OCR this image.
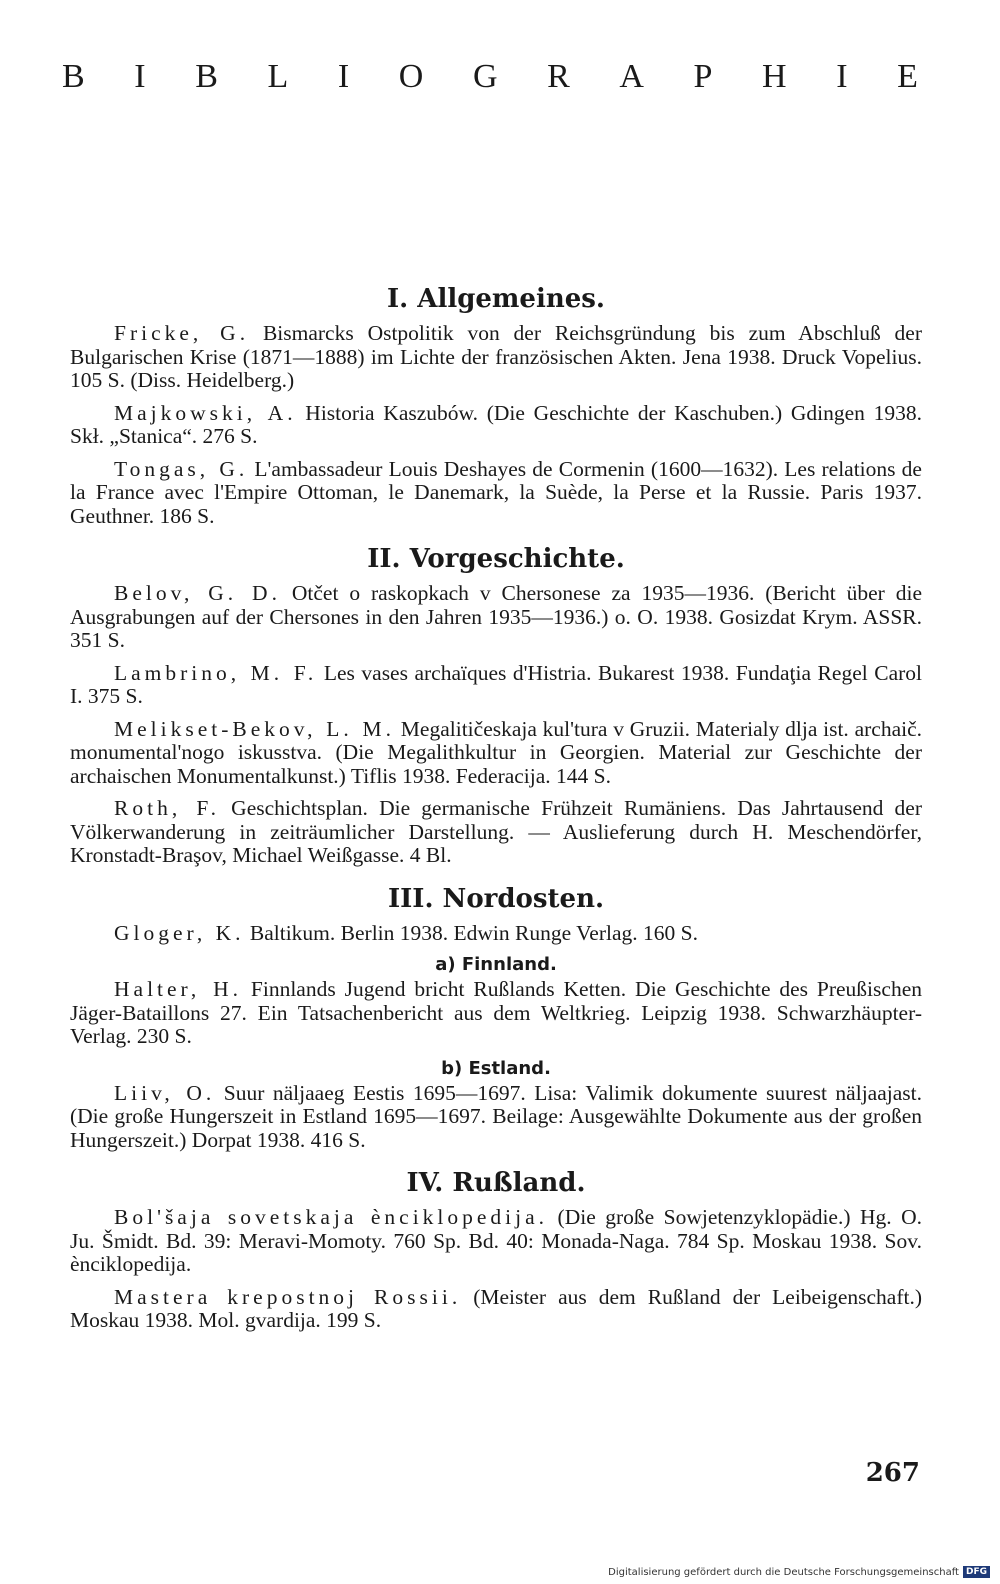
B I B L I O G R A P H I E
I. Allgemeines.

Fricke, G. Bismarcks Ostpolitik von der Reichsgründung bis zum Abschluß der Bulgarischen Krise (1871—1888) im Lichte der französischen Akten. Jena 1938. Druck Vopelius. 105 S. (Diss. Heidelberg.)

Majkowski, A. Historia Kaszubów. (Die Geschichte der Kaschuben.) Gdingen 1938. Skł. „Stanica“. 276 S.

Tongas, G. L'ambassadeur Louis Deshayes de Cormenin (1600—1632). Les relations de la France avec l'Empire Ottoman, le Danemark, la Suède, la Perse et la Russie. Paris 1937. Geuthner. 186 S.

II. Vorgeschichte.

Belov, G. D. Otčet o raskopkach v Chersonese za 1935—1936. (Bericht über die Ausgrabungen auf der Chersones in den Jahren 1935—1936.) o. O. 1938. Gosizdat Krym. ASSR. 351 S.

Lambrino, M. F. Les vases archaïques d'Histria. Bukarest 1938. Fundaţia Regel Carol I. 375 S.

Melikset-Bekov, L. M. Megalitičeskaja kul'tura v Gruzii. Materialy dlja ist. archaič. monumental'nogo iskusstva. (Die Megalithkultur in Georgien. Material zur Geschichte der archaischen Monumentalkunst.) Tiflis 1938. Federacija. 144 S.

Roth, F. Geschichtsplan. Die germanische Frühzeit Rumäniens. Das Jahrtausend der Völkerwanderung in zeiträumlicher Darstellung. — Auslieferung durch H. Meschendörfer, Kronstadt-Braşov, Michael Weißgasse. 4 Bl.

III. Nordosten.

Gloger, K. Baltikum. Berlin 1938. Edwin Runge Verlag. 160 S.

a) Finnland.

Halter, H. Finnlands Jugend bricht Rußlands Ketten. Die Geschichte des Preußischen Jäger-Bataillons 27. Ein Tatsachenbericht aus dem Weltkrieg. Leipzig 1938. Schwarzhäupter-Verlag. 230 S.

b) Estland.

Liiv, O. Suur näljaaeg Eestis 1695—1697. Lisa: Valimik dokumente suurest näljaajast. (Die große Hungerszeit in Estland 1695—1697. Beilage: Ausgewählte Dokumente aus der großen Hungerszeit.) Dorpat 1938. 416 S.

IV. Rußland.

Bol'šaja sovetskaja ènciklopedija. (Die große Sowjetenzyklopädie.) Hg. O. Ju. Šmidt. Bd. 39: Meravi-Momoty. 760 Sp. Bd. 40: Monada-Naga. 784 Sp. Moskau 1938. Sov. ènciklopedija.

Mastera krepostnoj Rossii. (Meister aus dem Rußland der Leibeigenschaft.) Moskau 1938. Mol. gvardija. 199 S.

267
Digitalisierung gefördert durch die Deutsche Forschungsgemeinschaft DFG
